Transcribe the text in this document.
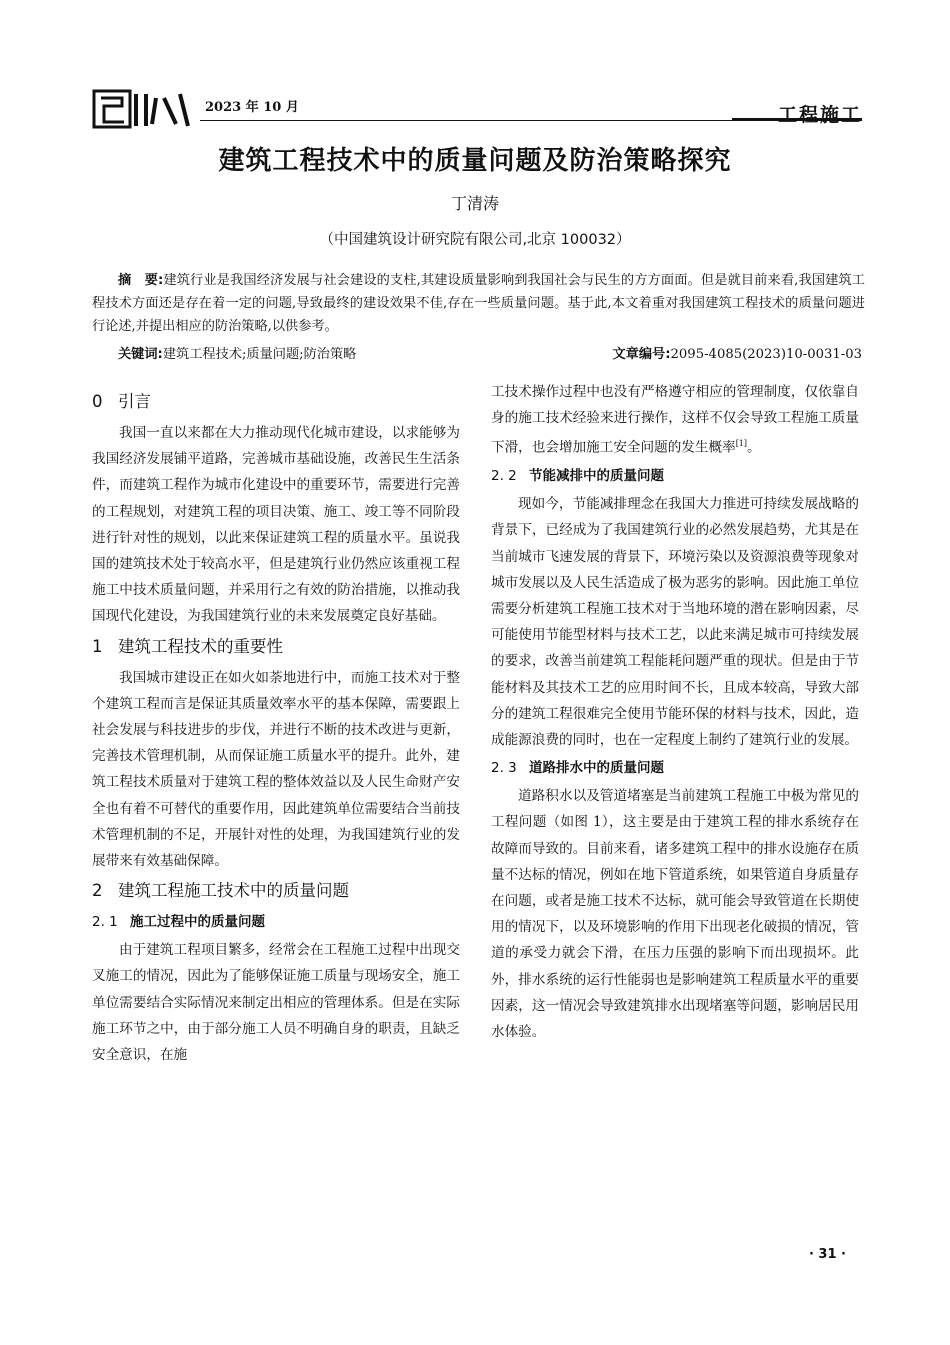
2023 年 10 月	工程施工
建筑工程技术中的质量问题及防治策略探究
丁清涛
（中国建筑设计研究院有限公司,北京 100032）
摘　要:建筑行业是我国经济发展与社会建设的支柱,其建设质量影响到我国社会与民生的方方面面。但是就目前来看,我国建筑工程技术方面还是存在着一定的问题,导致最终的建设效果不佳,存在一些质量问题。基于此,本文着重对我国建筑工程技术的质量问题进行论述,并提出相应的防治策略,以供参考。
关键词:建筑工程技术;质量问题;防治策略	文章编号:2095-4085(2023)10-0031-03
0 引言

我国一直以来都在大力推动现代化城市建设，以求能够为我国经济发展铺平道路，完善城市基础设施，改善民生生活条件，而建筑工程作为城市化建设中的重要环节，需要进行完善的工程规划，对建筑工程的项目决策、施工、竣工等不同阶段进行针对性的规划，以此来保证建筑工程的质量水平。虽说我国的建筑技术处于较高水平，但是建筑行业仍然应该重视工程施工中技术质量问题，并采用行之有效的防治措施，以推动我国现代化建设，为我国建筑行业的未来发展奠定良好基础。

1 建筑工程技术的重要性

我国城市建设正在如火如荼地进行中，而施工技术对于整个建筑工程而言是保证其质量效率水平的基本保障，需要跟上社会发展与科技进步的步伐，并进行不断的技术改进与更新，完善技术管理机制，从而保证施工质量水平的提升。此外，建筑工程技术质量对于建筑工程的整体效益以及人民生命财产安全也有着不可替代的重要作用，因此建筑单位需要结合当前技术管理机制的不足，开展针对性的处理，为我国建筑行业的发展带来有效基础保障。

2 建筑工程施工技术中的质量问题
2. 1 施工过程中的质量问题

由于建筑工程项目繁多，经常会在工程施工过程中出现交叉施工的情况，因此为了能够保证施工质量与现场安全，施工单位需要结合实际情况来制定出相应的管理体系。但是在实际施工环节之中，由于部分施工人员不明确自身的职责，且缺乏安全意识，在施

工技术操作过程中也没有严格遵守相应的管理制度，仅依靠自身的施工技术经验来进行操作，这样不仅会导致工程施工质量下滑，也会增加施工安全问题的发生概率[1]。

2. 2 节能减排中的质量问题

现如今，节能减排理念在我国大力推进可持续发展战略的背景下，已经成为了我国建筑行业的必然发展趋势，尤其是在当前城市飞速发展的背景下，环境污染以及资源浪费等现象对城市发展以及人民生活造成了极为恶劣的影响。因此施工单位需要分析建筑工程施工技术对于当地环境的潜在影响因素，尽可能使用节能型材料与技术工艺，以此来满足城市可持续发展的要求，改善当前建筑工程能耗问题严重的现状。但是由于节能材料及其技术工艺的应用时间不长，且成本较高，导致大部分的建筑工程很难完全使用节能环保的材料与技术，因此，造成能源浪费的同时，也在一定程度上制约了建筑行业的发展。

2. 3 道路排水中的质量问题

道路积水以及管道堵塞是当前建筑工程施工中极为常见的工程问题（如图 1），这主要是由于建筑工程的排水系统存在故障而导致的。目前来看，诸多建筑工程中的排水设施存在质量不达标的情况，例如在地下管道系统，如果管道自身质量存在问题，或者是施工技术不达标，就可能会导致管道在长期使用的情况下，以及环境影响的作用下出现老化破损的情况，管道的承受力就会下滑，在压力压强的影响下而出现损坏。此外，排水系统的运行性能弱也是影响建筑工程质量水平的重要因素，这一情况会导致建筑排水出现堵塞等问题，影响居民用水体验。

· 31 ·
